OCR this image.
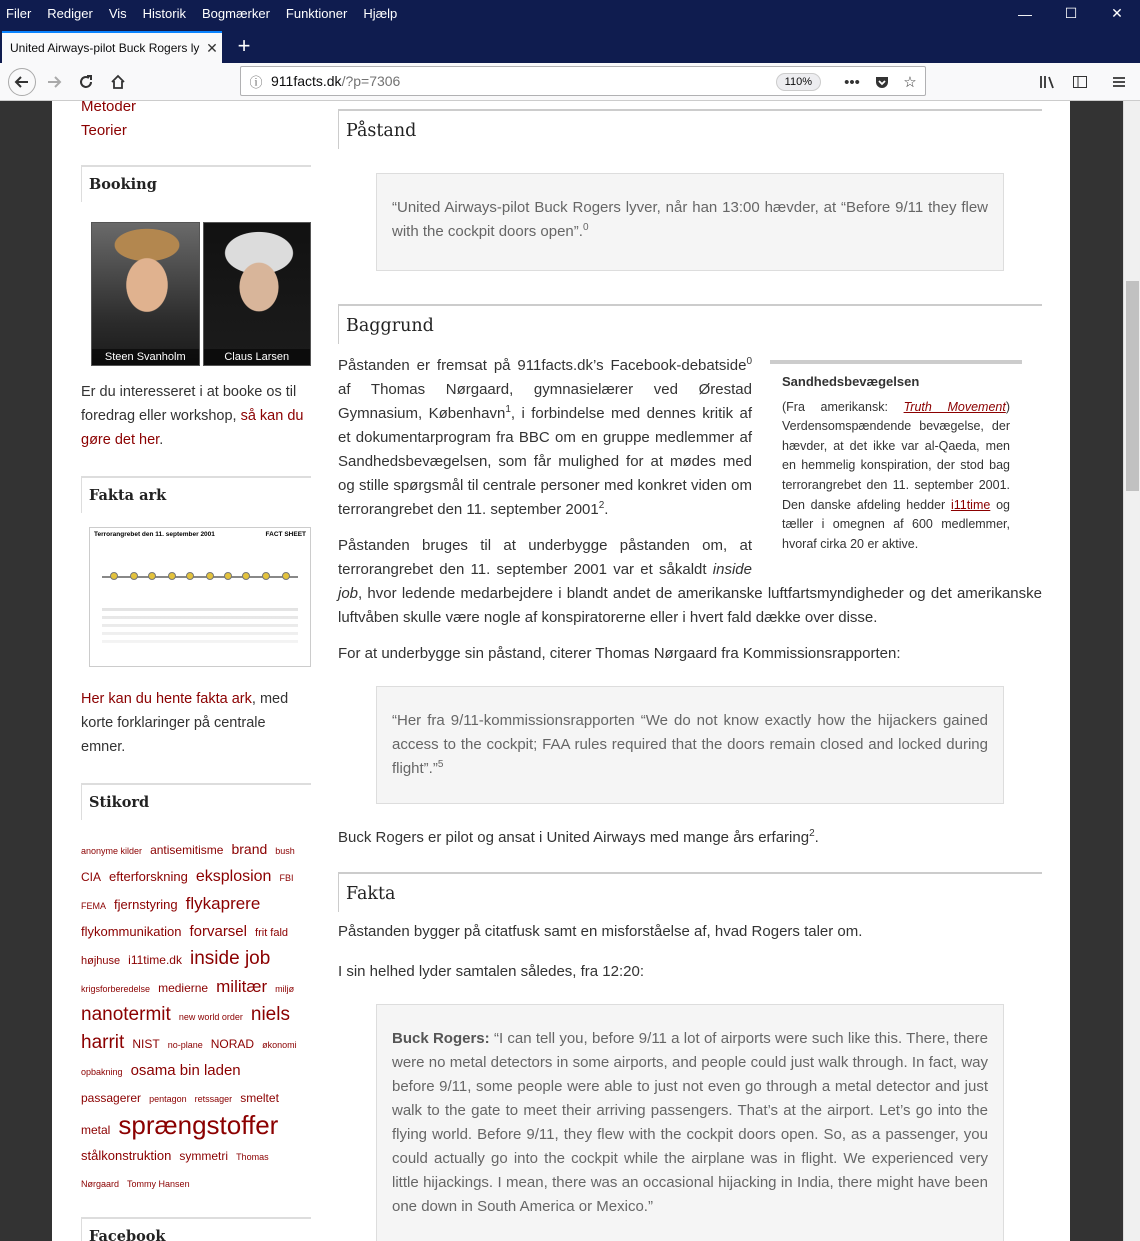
Filer Rediger Vis Historik Bogmærker Funktioner Hjælp	—	☐	✕
United Airways-pilot Buck Rogers ly ✕ +
ⓘ 911facts.dk /?p=7306	110%	•••	☆
Metoder
Teorier
Booking
Steen Svanholm	Claus Larsen

Er du interesseret i at booke os til foredrag eller workshop, så kan du gøre det her.

Fakta ark
Terrorangrebet den 11. september 2001	FACT SHEET

Her kan du hente fakta ark, med korte forklaringer på centrale emner.

Stikord
anonyme kilder antisemitisme brand bush CIA efterforskning eksplosion FBI FEMA fjernstyring flykaprere flykommunikation forvarsel frit fald højhuse i11time.dk inside job krigsforberedelse medierne militær miljø nanotermit new world order niels harrit NIST no-plane NORAD økonomi opbakning osama bin laden passagerer pentagon retssager smeltet metal sprængstoffer stålkonstruktion symmetri Thomas Nørgaard Tommy Hansen
Facebook
Påstand
“United Airways-pilot Buck Rogers lyver, når han 13:00 hævder, at “Before 9/11 they flew with the cockpit doors open”.$^0$
Baggrund
Sandhedsbevægelsen
(Fra amerikansk: Truth Movement) Verdensomspændende bevægelse, der hævder, at det ikke var al-Qaeda, men en hemmelig konspiration, der stod bag terrorangrebet den 11. september 2001. Den danske afdeling hedder i11time og tæller i omegnen af 600 medlemmer, hvoraf cirka 20 er aktive.

Påstanden er fremsat på 911facts.dk’s Facebook-debatside$^0$ af Thomas Nørgaard, gymnasielærer ved Ørestad Gymnasium, København$^1$, i forbindelse med dennes kritik af et dokumentarprogram fra BBC om en gruppe medlemmer af Sandhedsbevægelsen, som får mulighed for at mødes med og stille spørgsmål til centrale personer med konkret viden om terrorangrebet den 11. september 2001$^2$.

Påstanden bruges til at underbygge påstanden om, at terrorangrebet den 11. september 2001 var et såkaldt inside job, hvor ledende medarbejdere i blandt andet de amerikanske luftfartsmyndigheder og det amerikanske luftvåben skulle være nogle af konspiratorerne eller i hvert fald dække over disse.

For at underbygge sin påstand, citerer Thomas Nørgaard fra Kommissionsrapporten:

“Her fra 9/11-kommissionsrapporten “We do not know exactly how the hijackers gained access to the cockpit; FAA rules required that the doors remain closed and locked during flight”.”$^5$

Buck Rogers er pilot og ansat i United Airways med mange års erfaring$^2$.

Fakta

Påstanden bygger på citatfusk samt en misforståelse af, hvad Rogers taler om.

I sin helhed lyder samtalen således, fra 12:20:

Buck Rogers: “I can tell you, before 9/11 a lot of airports were such like this. There, there were no metal detectors in some airports, and people could just walk through. In fact, way before 9/11, some people were able to just not even go through a metal detector and just walk to the gate to meet their arriving passengers. That’s at the airport. Let’s go into the flying world. Before 9/11, they flew with the cockpit doors open. So, as a passenger, you could actually go into the cockpit while the airplane was in flight. We experienced very little hijackings. I mean, there was an occasional hijacking in India, there might have been one down in South America or Mexico.”
